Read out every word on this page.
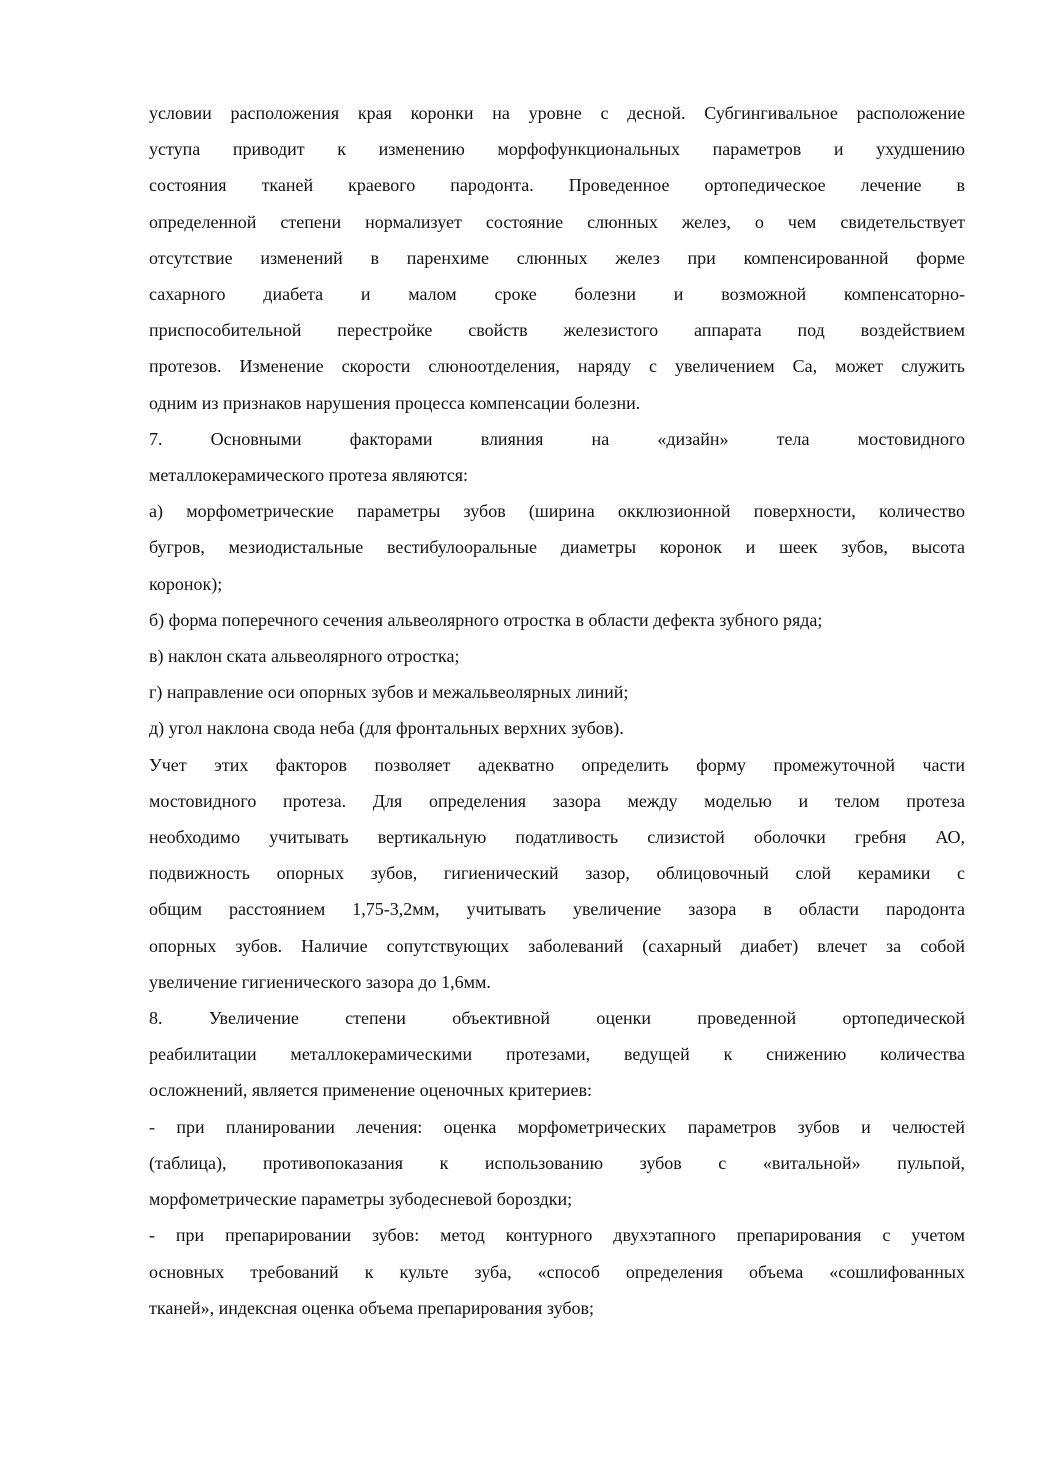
условии расположения края коронки на уровне с десной. Субгингивальное расположение
уступа приводит к изменению морфофункциональных параметров и ухудшению
состояния тканей краевого пародонта. Проведенное ортопедическое лечение в
определенной степени нормализует состояние слюнных желез, о чем свидетельствует
отсутствие изменений в паренхиме слюнных желез при компенсированной форме
сахарного диабета и малом сроке болезни и возможной компенсаторно-
приспособительной перестройке свойств железистого аппарата под воздействием
протезов. Изменение скорости слюноотделения, наряду с увеличением Са, может служить
одним из признаков нарушения процесса компенсации болезни.
7. Основными факторами влияния на «дизайн» тела мостовидного
металлокерамического протеза являются:
а) морфометрические параметры зубов (ширина окклюзионной поверхности, количество
бугров, мезиодистальные вестибулооральные диаметры коронок и шеек зубов, высота
коронок);
б) форма поперечного сечения альвеолярного отростка в области дефекта зубного ряда;
в) наклон ската альвеолярного отростка;
г) направление оси опорных зубов и межальвеолярных линий;
д) угол наклона свода неба (для фронтальных верхних зубов).
Учет этих факторов позволяет адекватно определить форму промежуточной части
мостовидного протеза. Для определения зазора между моделью и телом протеза
необходимо учитывать вертикальную податливость слизистой оболочки гребня АО,
подвижность опорных зубов, гигиенический зазор, облицовочный слой керамики с
общим расстоянием 1,75-3,2мм, учитывать увеличение зазора в области пародонта
опорных зубов. Наличие сопутствующих заболеваний (сахарный диабет) влечет за собой
увеличение гигиенического зазора до 1,6мм.
8. Увеличение степени объективной оценки проведенной ортопедической
реабилитации металлокерамическими протезами, ведущей к снижению количества
осложнений, является применение оценочных критериев:
- при планировании лечения: оценка морфометрических параметров зубов и челюстей
(таблица), противопоказания к использованию зубов с «витальной» пульпой,
морфометрические параметры зубодесневой бороздки;
- при препарировании зубов: метод контурного двухэтапного препарирования с учетом
основных требований к культе зуба, «способ определения объема «сошлифованных
тканей», индексная оценка объема препарирования зубов;
